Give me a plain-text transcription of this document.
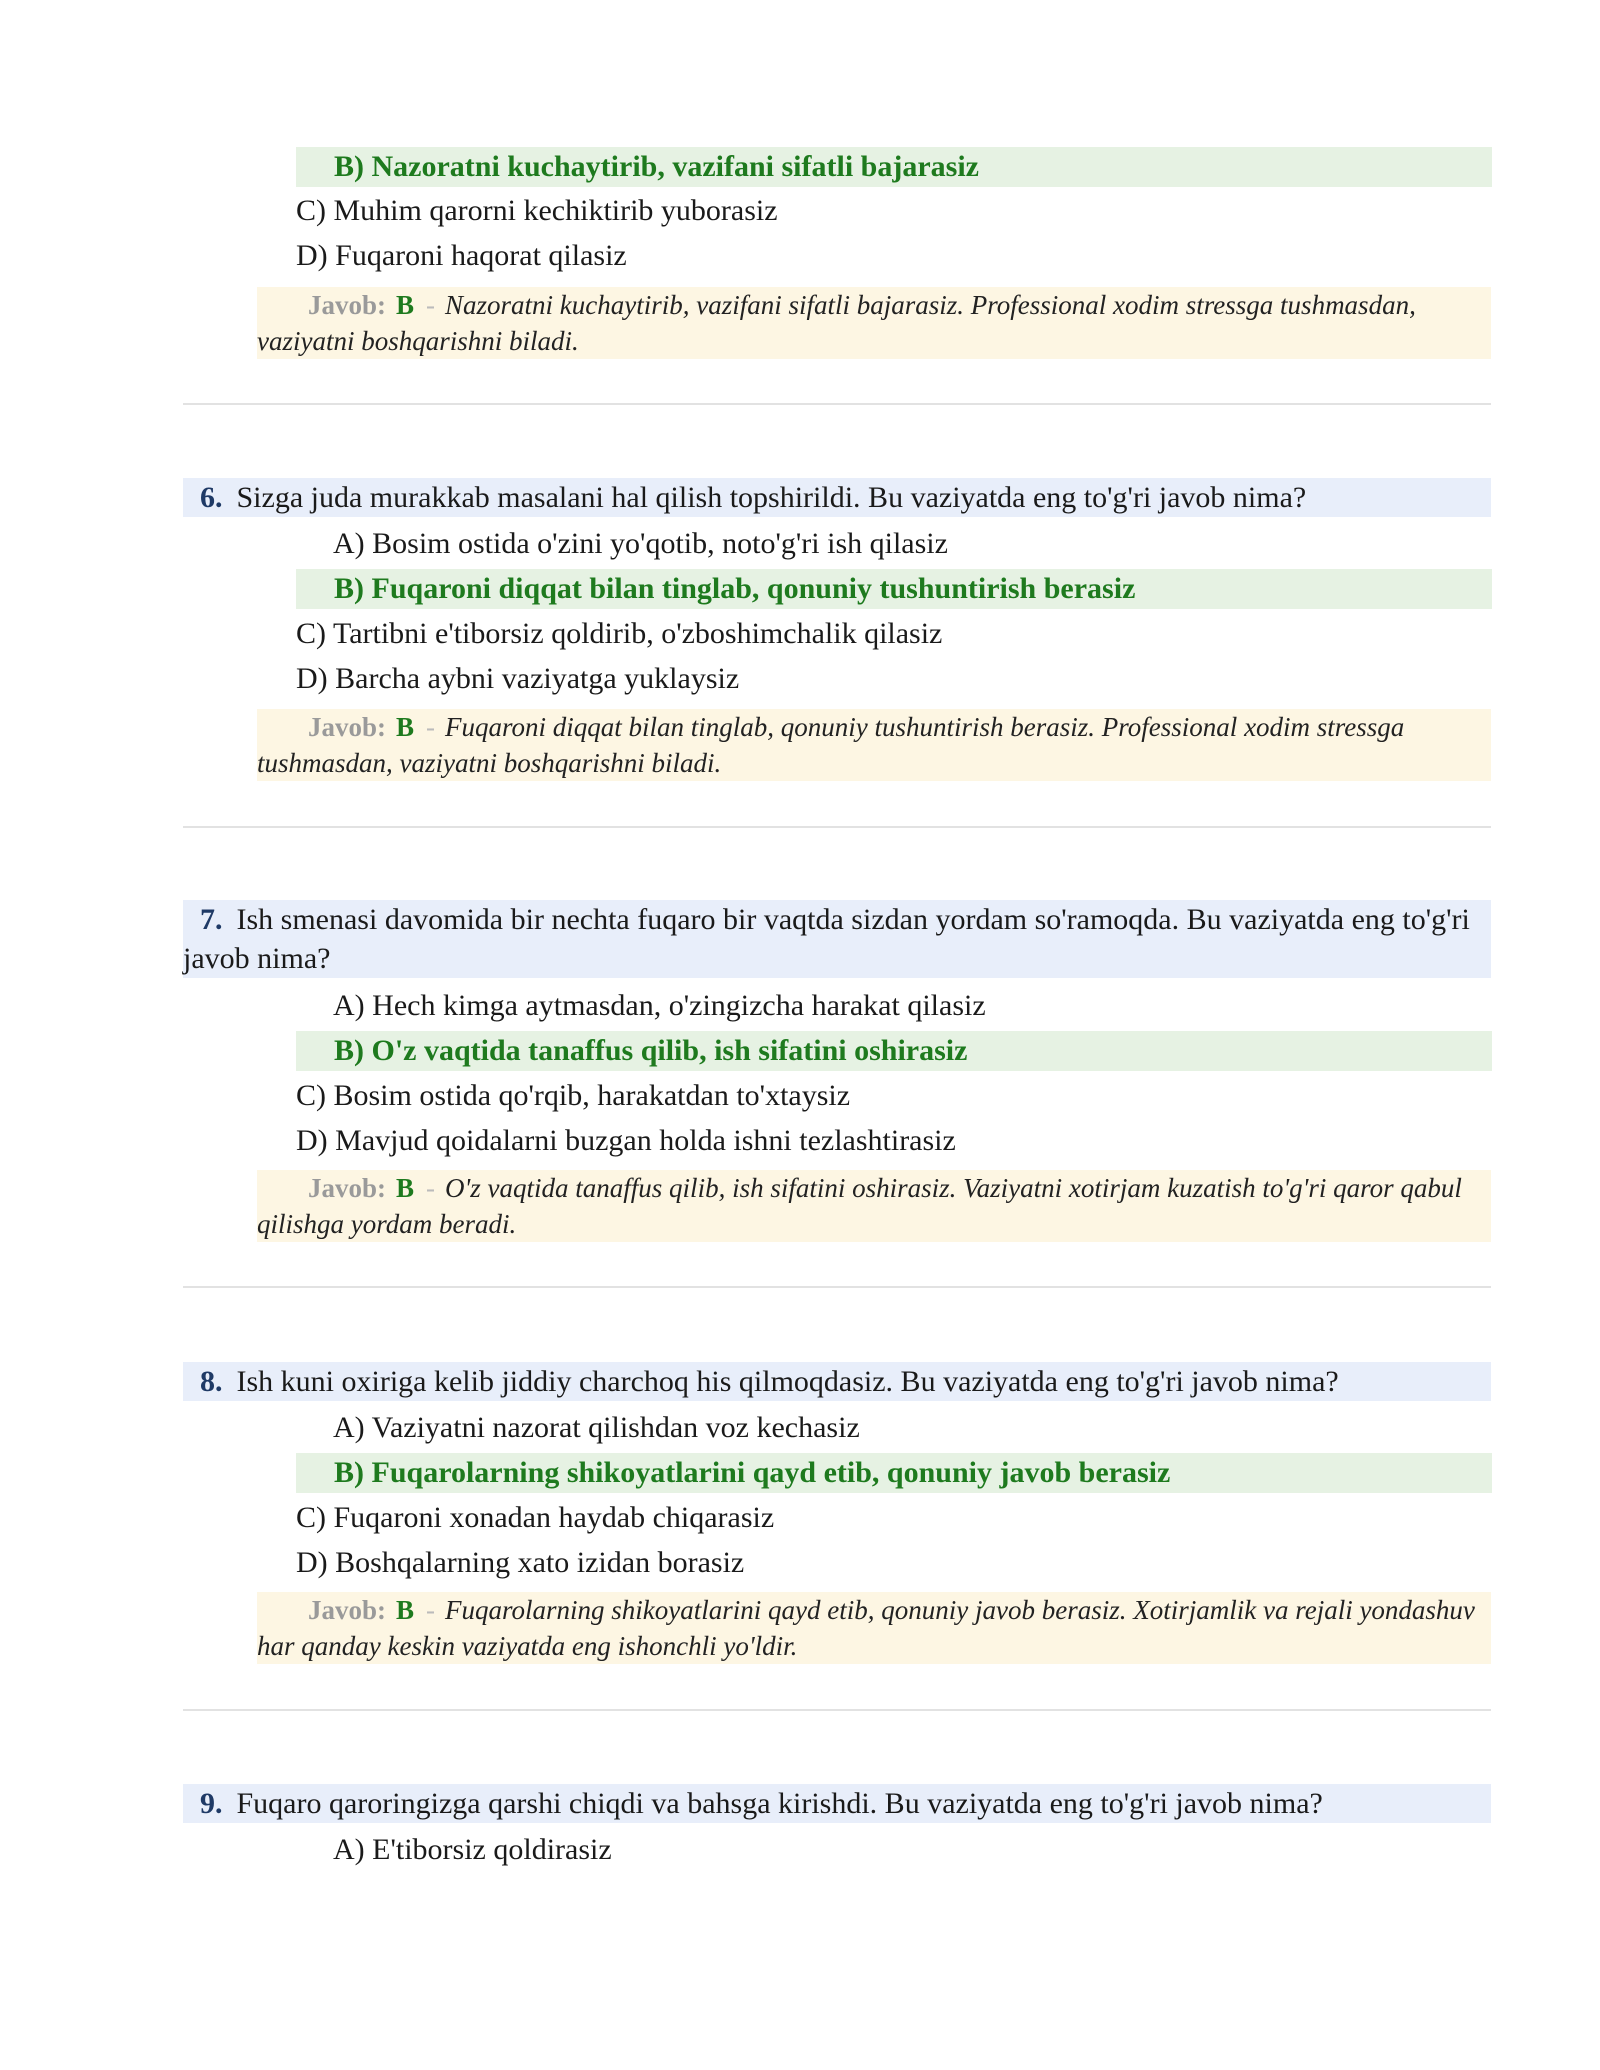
B) Nazoratni kuchaytirib, vazifani sifatli bajarasiz
C) Muhim qarorni kechiktirib yuborasiz
D) Fuqaroni haqorat qilasiz
Javob: B - Nazoratni kuchaytirib, vazifani sifatli bajarasiz. Professional xodim stressga tushmasdan, vaziyatni boshqarishni biladi.
6. Sizga juda murakkab masalani hal qilish topshirildi. Bu vaziyatda eng to'g'ri javob nima?
A) Bosim ostida o'zini yo'qotib, noto'g'ri ish qilasiz
B) Fuqaroni diqqat bilan tinglab, qonuniy tushuntirish berasiz
C) Tartibni e'tiborsiz qoldirib, o'zboshimchalik qilasiz
D) Barcha aybni vaziyatga yuklaysiz
Javob: B - Fuqaroni diqqat bilan tinglab, qonuniy tushuntirish berasiz. Professional xodim stressga tushmasdan, vaziyatni boshqarishni biladi.
7. Ish smenasi davomida bir nechta fuqaro bir vaqtda sizdan yordam so'ramoqda. Bu vaziyatda eng to'g'ri javob nima?
A) Hech kimga aytmasdan, o'zingizcha harakat qilasiz
B) O'z vaqtida tanaffus qilib, ish sifatini oshirasiz
C) Bosim ostida qo'rqib, harakatdan to'xtaysiz
D) Mavjud qoidalarni buzgan holda ishni tezlashtirasiz
Javob: B - O'z vaqtida tanaffus qilib, ish sifatini oshirasiz. Vaziyatni xotirjam kuzatish to'g'ri qaror qabul qilishga yordam beradi.
8. Ish kuni oxiriga kelib jiddiy charchoq his qilmoqdasiz. Bu vaziyatda eng to'g'ri javob nima?
A) Vaziyatni nazorat qilishdan voz kechasiz
B) Fuqarolarning shikoyatlarini qayd etib, qonuniy javob berasiz
C) Fuqaroni xonadan haydab chiqarasiz
D) Boshqalarning xato izidan borasiz
Javob: B - Fuqarolarning shikoyatlarini qayd etib, qonuniy javob berasiz. Xotirjamlik va rejali yondashuv har qanday keskin vaziyatda eng ishonchli yo'ldir.
9. Fuqaro qaroringizga qarshi chiqdi va bahsga kirishdi. Bu vaziyatda eng to'g'ri javob nima?
A) E'tiborsiz qoldirasiz
